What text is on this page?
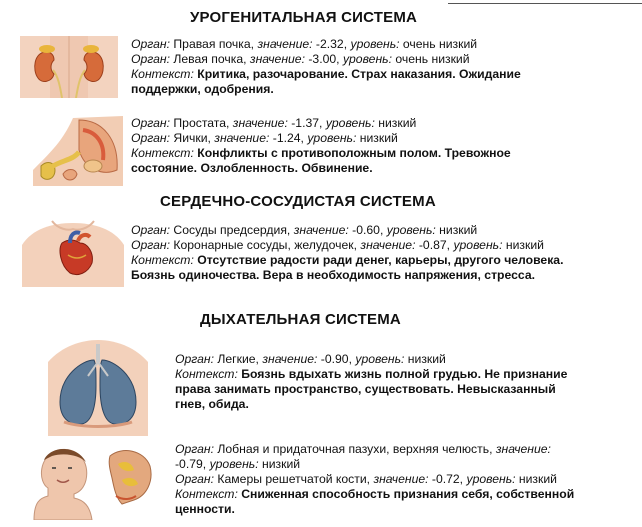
УРОГЕНИТАЛЬНАЯ СИСТЕМА
Орган: Правая почка, значение: -2.32, уровень: очень низкий
Орган: Левая почка, значение: -3.00, уровень: очень низкий
Контекст: Критика, разочарование. Страх наказания. Ожидание поддержки, одобрения.
Орган: Простата, значение: -1.37, уровень: низкий
Орган: Яички, значение: -1.24, уровень: низкий
Контекст: Конфликты с противоположным полом. Тревожное состояние. Озлобленность. Обвинение.
СЕРДЕЧНО-СОСУДИСТАЯ СИСТЕМА
Орган: Сосуды предсердия, значение: -0.60, уровень: низкий
Орган: Коронарные сосуды, желудочек, значение: -0.87, уровень: низкий
Контекст: Отсутствие радости ради денег, карьеры, другого человека. Боязнь одиночества. Вера в необходимость напряжения, стресса.
ДЫХАТЕЛЬНАЯ СИСТЕМА
Орган: Легкие, значение: -0.90, уровень: низкий
Контекст: Боязнь вдыхать жизнь полной грудью. Не признание права занимать пространство, существовать. Невысказанный гнев, обида.
Орган: Лобная и придаточная пазухи, верхняя челюсть, значение: -0.79, уровень: низкий
Орган: Камеры решетчатой кости, значение: -0.72, уровень: низкий
Контекст: Сниженная способность признания себя, собственной ценности.
